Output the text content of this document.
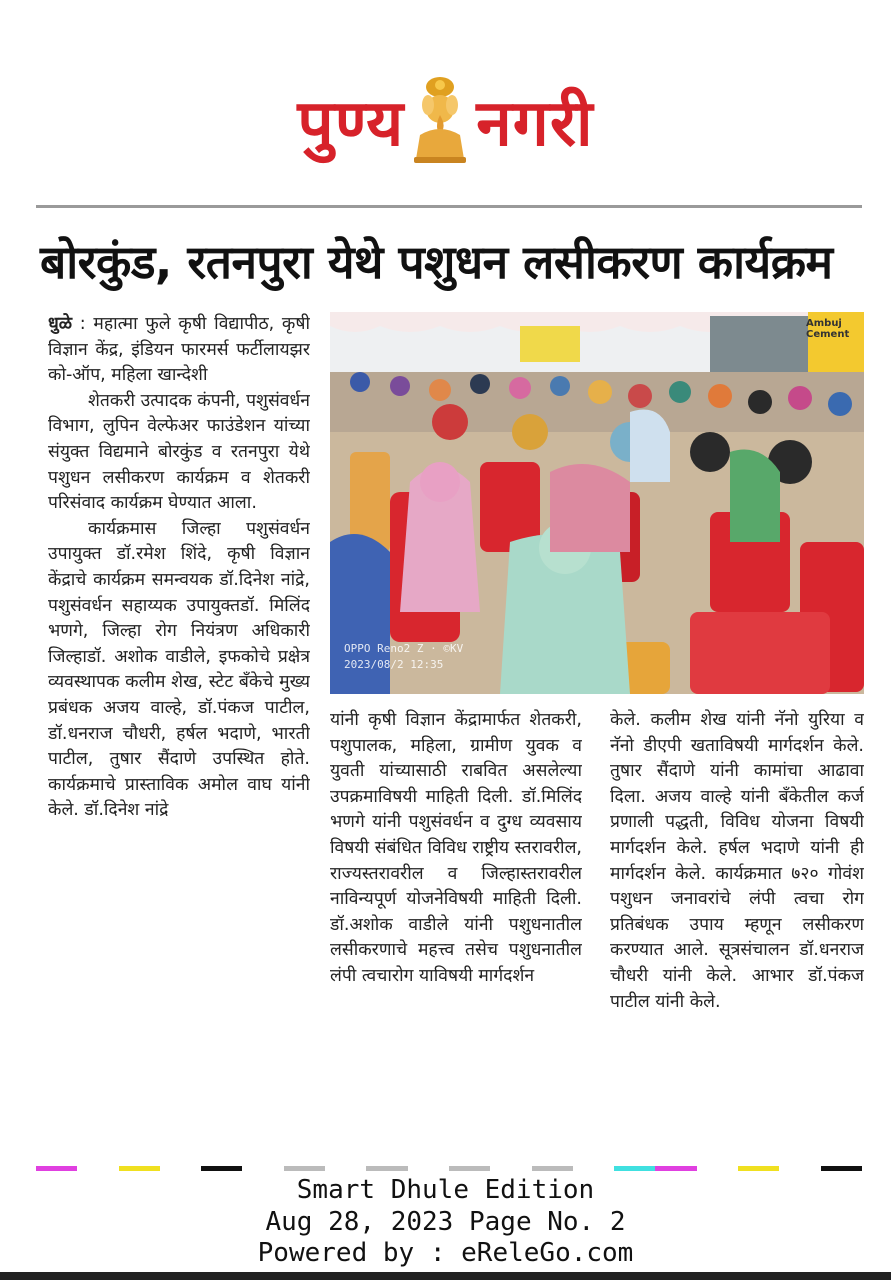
पुण्य नगरी
बोरकुंड, रतनपुरा येथे पशुधन लसीकरण कार्यक्रम

धुळे : महात्मा फुले कृषी विद्यापीठ, कृषी विज्ञान केंद्र, इंडियन फारमर्स फर्टीलायझर को-ऑप, महिला खान्देशी

शेतकरी उत्पादक कंपनी, पशुसंवर्धन विभाग, लुपिन वेल्फेअर फाउंडेशन यांच्या संयुक्त विद्यमाने बोरकुंड व रतनपुरा येथे पशुधन लसीकरण कार्यक्रम व शेतकरी परिसंवाद कार्यक्रम घेण्यात आला.

कार्यक्रमास जिल्हा पशुसंवर्धन उपायुक्त डॉ.रमेश शिंदे, कृषी विज्ञान केंद्राचे कार्यक्रम समन्वयक डॉ.दिनेश नांद्रे, पशुसंवर्धन सहाय्यक उपायुक्तडॉ. मिलिंद भणगे, जिल्हा रोग नियंत्रण अधिकारी जिल्हाडॉ. अशोक वाडीले, इफकोचे प्रक्षेत्र व्यवस्थापक कलीम शेख, स्टेट बँकेचे मुख्य प्रबंधक अजय वाल्हे, डॉ.पंकज पाटील, डॉ.धनराज चौधरी, हर्षल भदाणे, भारती पाटील, तुषार सैंदाणे उपस्थित होते. कार्यक्रमाचे प्रास्ताविक अमोल वाघ यांनी केले. डॉ.दिनेश नांद्रे

Ambuj Cement
OPPO Reno2 Z · ©KV
2023/08/2 12:35

यांनी कृषी विज्ञान केंद्रामार्फत शेतकरी, पशुपालक, महिला, ग्रामीण युवक व युवती यांच्यासाठी राबवित असलेल्या उपक्रमाविषयी माहिती दिली. डॉ.मिलिंद भणगे यांनी पशुसंवर्धन व दुग्ध व्यवसाय विषयी संबंधित विविध राष्ट्रीय स्तरावरील, राज्यस्तरावरील व जिल्हास्तरावरील नाविन्यपूर्ण योजनेविषयी माहिती दिली. डॉ.अशोक वाडीले यांनी पशुधनातील लसीकरणाचे महत्त्व तसेच पशुधनातील लंपी त्वचारोग याविषयी मार्गदर्शन

केले. कलीम शेख यांनी नॅनो युरिया व नॅनो डीएपी खताविषयी मार्गदर्शन केले. तुषार सैंदाणे यांनी कामांचा आढावा दिला. अजय वाल्हे यांनी बँकेतील कर्ज प्रणाली पद्धती, विविध योजना विषयी मार्गदर्शन केले. हर्षल भदाणे यांनी ही मार्गदर्शन केले. कार्यक्रमात ७२० गोवंश पशुधन जनावरांचे लंपी त्वचा रोग प्रतिबंधक उपाय म्हणून लसीकरण करण्यात आले. सूत्रसंचालन डॉ.धनराज चौधरी यांनी केले. आभार डॉ.पंकज पाटील यांनी केले.

Smart Dhule Edition
Aug 28, 2023 Page No. 2
Powered by : eReleGo.com
